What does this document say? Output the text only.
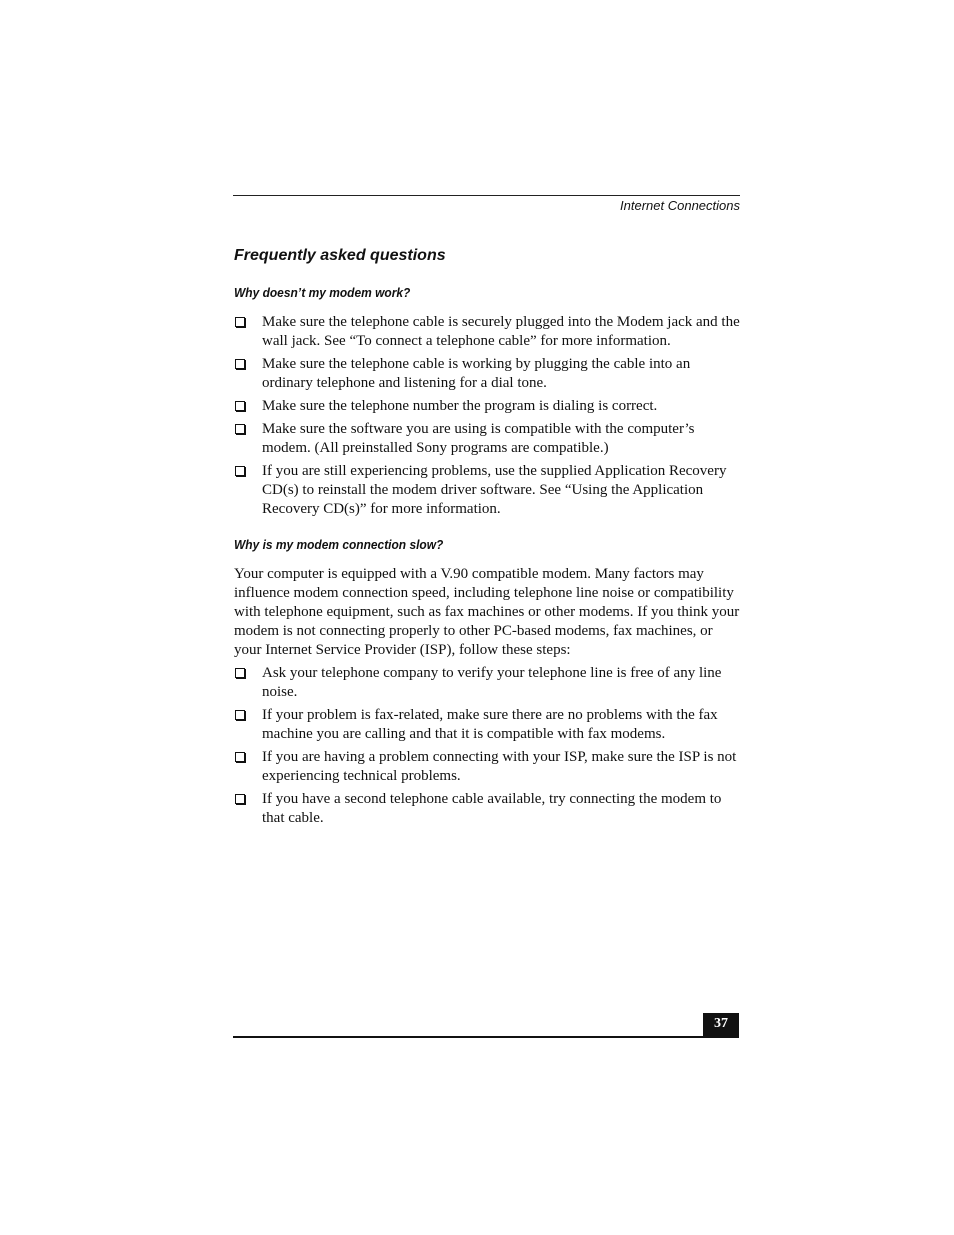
Internet Connections
Frequently asked questions
Why doesn’t my modem work?
Make sure the telephone cable is securely plugged into the Modem jack and the wall jack. See “To connect a telephone cable” for more information.
Make sure the telephone cable is working by plugging the cable into an ordinary telephone and listening for a dial tone.
Make sure the telephone number the program is dialing is correct.
Make sure the software you are using is compatible with the computer’s modem. (All preinstalled Sony programs are compatible.)
If you are still experiencing problems, use the supplied Application Recovery CD(s) to reinstall the modem driver software. See “Using the Application Recovery CD(s)” for more information.
Why is my modem connection slow?

Your computer is equipped with a V.90 compatible modem. Many factors may influence modem connection speed, including telephone line noise or compatibility with telephone equipment, such as fax machines or other modems. If you think your modem is not connecting properly to other PC-based modems, fax machines, or your Internet Service Provider (ISP), follow these steps:

Ask your telephone company to verify your telephone line is free of any line noise.
If your problem is fax-related, make sure there are no problems with the fax machine you are calling and that it is compatible with fax modems.
If you are having a problem connecting with your ISP, make sure the ISP is not experiencing technical problems.
If you have a second telephone cable available, try connecting the modem to that cable.
37
